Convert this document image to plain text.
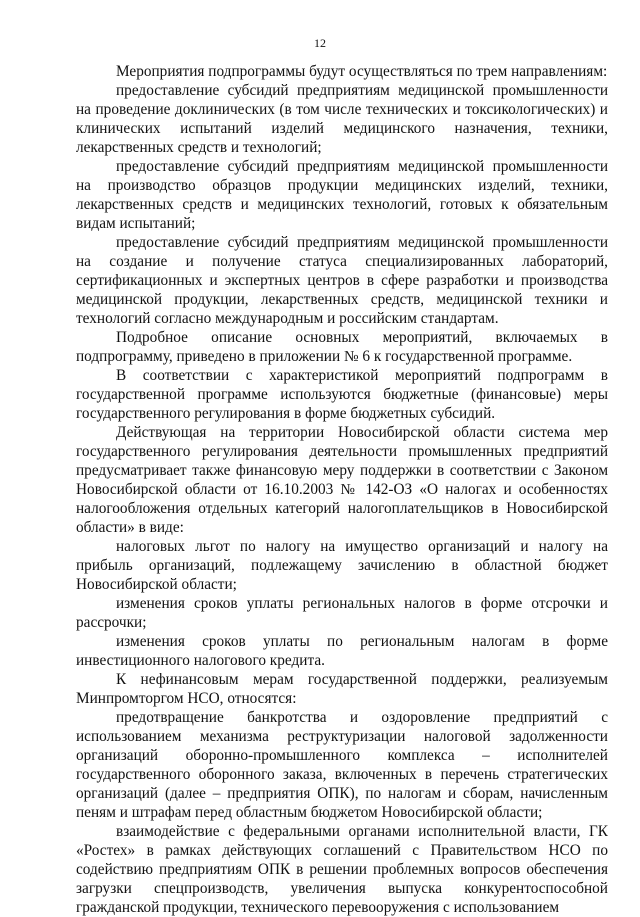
12

Мероприятия подпрограммы будут осуществляться по трем направлениям:

предоставление субсидий предприятиям медицинской промышленности на проведение доклинических (в том числе технических и токсикологических) и клинических испытаний изделий медицинского назначения, техники, лекарственных средств и технологий;

предоставление субсидий предприятиям медицинской промышленности на производство образцов продукции медицинских изделий, техники, лекарственных средств и медицинских технологий, готовых к обязательным видам испытаний;

предоставление субсидий предприятиям медицинской промышленности на создание и получение статуса специализированных лабораторий, сертификационных и экспертных центров в сфере разработки и производства медицинской продукции, лекарственных средств, медицинской техники и технологий согласно международным и российским стандартам.

Подробное описание основных мероприятий, включаемых в подпрограмму, приведено в приложении № 6 к государственной программе.

В соответствии с характеристикой мероприятий подпрограмм в государственной программе используются бюджетные (финансовые) меры государственного регулирования в форме бюджетных субсидий.

Действующая на территории Новосибирской области система мер государственного регулирования деятельности промышленных предприятий предусматривает также финансовую меру поддержки в соответствии с Законом Новосибирской области от 16.10.2003 № 142-ОЗ «О налогах и особенностях налогообложения отдельных категорий налогоплательщиков в Новосибирской области» в виде:

налоговых льгот по налогу на имущество организаций и налогу на прибыль организаций, подлежащему зачислению в областной бюджет Новосибирской области;

изменения сроков уплаты региональных налогов в форме отсрочки и рассрочки;

изменения сроков уплаты по региональным налогам в форме инвестиционного налогового кредита.

К нефинансовым мерам государственной поддержки, реализуемым Минпромторгом НСО, относятся:

предотвращение банкротства и оздоровление предприятий с использованием механизма реструктуризации налоговой задолженности организаций оборонно-промышленного комплекса – исполнителей государственного оборонного заказа, включенных в перечень стратегических организаций (далее – предприятия ОПК), по налогам и сборам, начисленным пеням и штрафам перед областным бюджетом Новосибирской области;

взаимодействие с федеральными органами исполнительной власти, ГК «Ростех» в рамках действующих соглашений с Правительством НСО по содействию предприятиям ОПК в решении проблемных вопросов обеспечения загрузки спецпроизводств, увеличения выпуска конкурентоспособной гражданской продукции, технического перевооружения с использованием
